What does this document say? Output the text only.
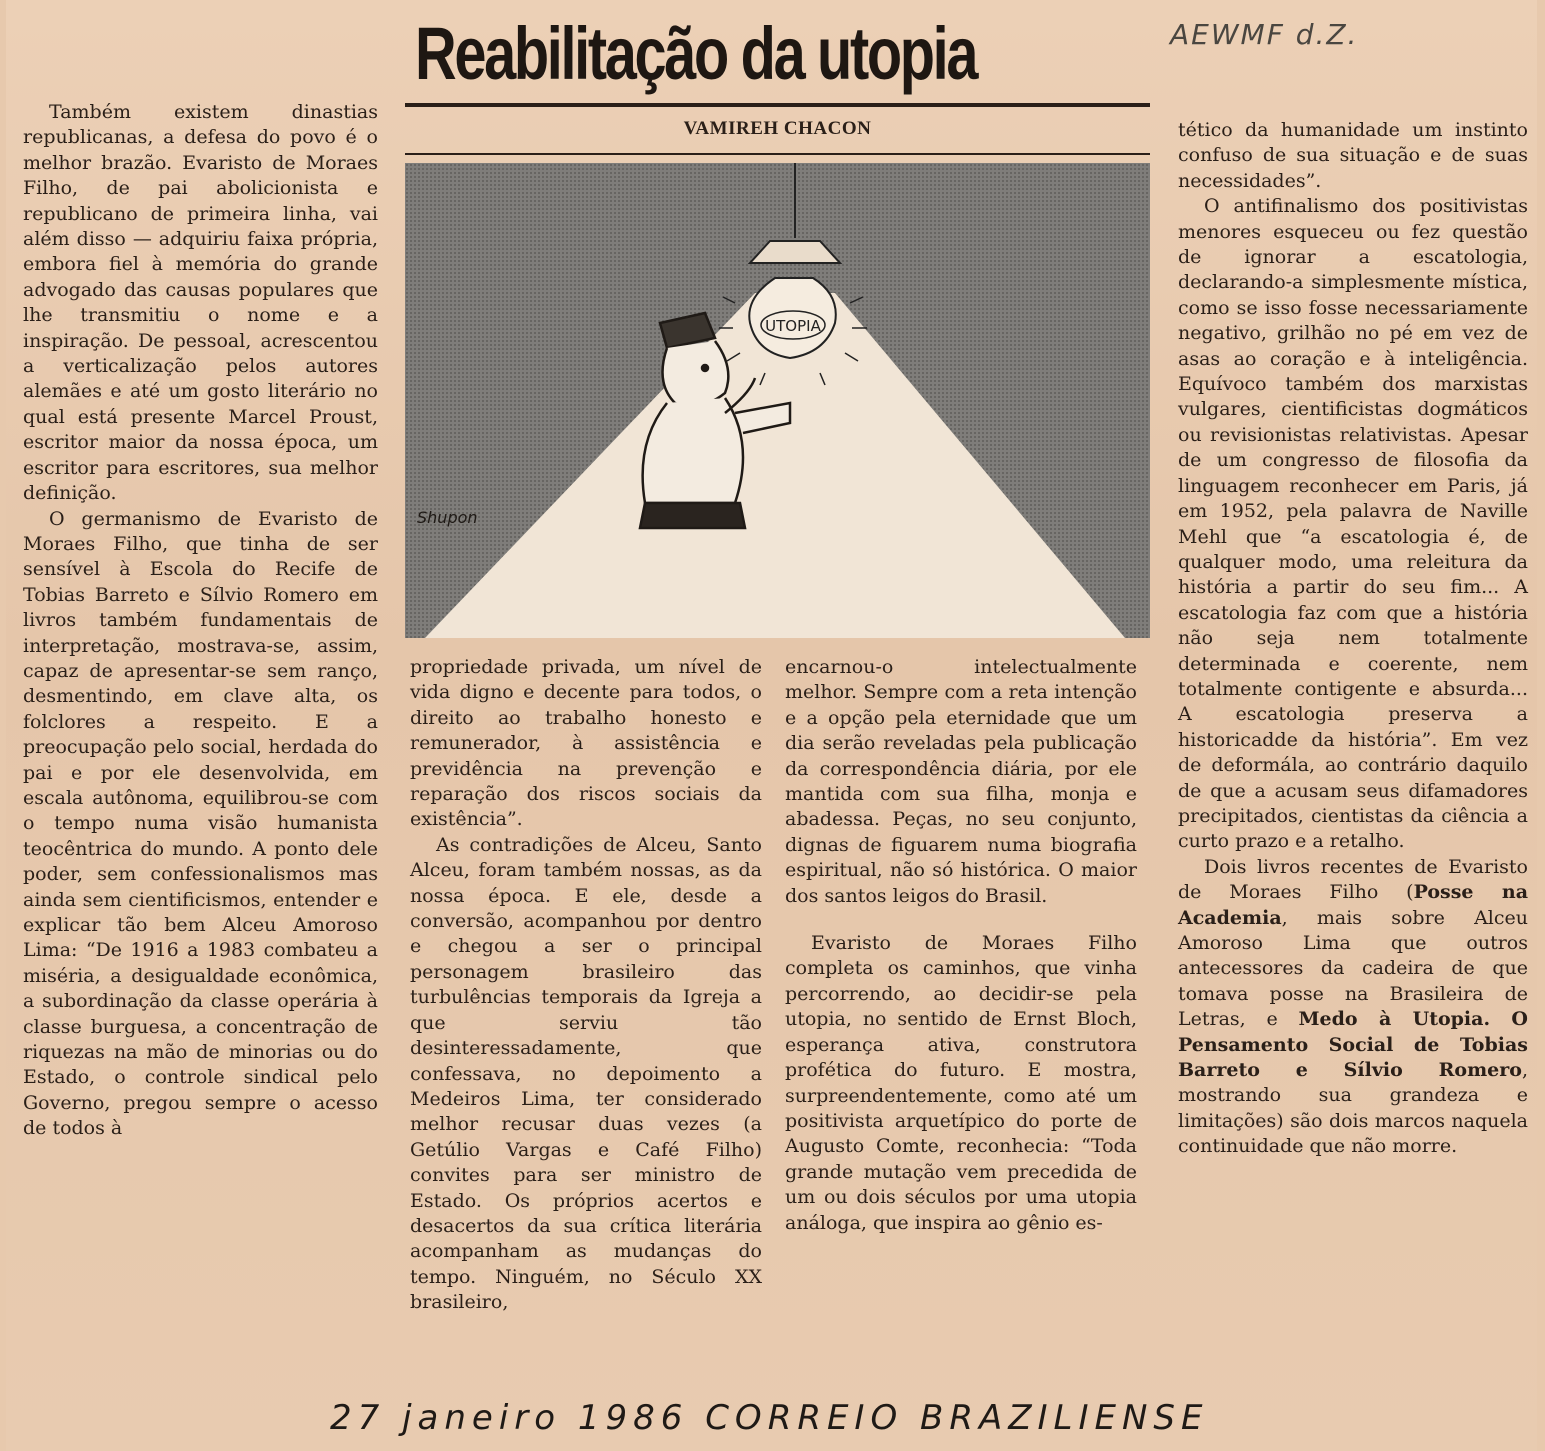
AEWMF d.Z.
Reabilitação da utopia
VAMIREH CHACON
UTOPIA
Shupon

Também existem dinastias republicanas, a defesa do povo é o melhor brazão. Evaristo de Moraes Filho, de pai abolicionista e republicano de primeira linha, vai além disso — adquiriu faixa própria, embora fiel à memória do grande advogado das causas populares que lhe transmitiu o nome e a inspiração. De pessoal, acrescentou a verticalização pelos autores alemães e até um gosto literário no qual está presente Marcel Proust, escritor maior da nossa época, um escritor para escritores, sua melhor definição.

O germanismo de Evaristo de Moraes Filho, que tinha de ser sensível à Escola do Recife de Tobias Barreto e Sílvio Romero em livros também fundamentais de interpretação, mostrava-se, assim, capaz de apresentar-se sem ranço, desmentindo, em clave alta, os folclores a respeito. E a preocupação pelo social, herdada do pai e por ele desenvolvida, em escala autônoma, equilibrou-se com o tempo numa visão humanista teocêntrica do mundo. A ponto dele poder, sem confessionalismos mas ainda sem cientificismos, entender e explicar tão bem Alceu Amoroso Lima: “De 1916 a 1983 combateu a miséria, a desigualdade econômica, a subordinação da classe operária à classe burguesa, a concentração de riquezas na mão de minorias ou do Estado, o controle sindical pelo Governo, pregou sempre o acesso de todos à

propriedade privada, um nível de vida digno e decente para todos, o direito ao trabalho honesto e remunerador, à assistência e previdência na prevenção e reparação dos riscos sociais da existência”.

As contradições de Alceu, Santo Alceu, foram também nossas, as da nossa época. E ele, desde a conversão, acompanhou por dentro e chegou a ser o principal personagem brasileiro das turbulências temporais da Igreja a que serviu tão desinteressadamente, que confessava, no depoimento a Medeiros Lima, ter considerado melhor recusar duas vezes (a Getúlio Vargas e Café Filho) convites para ser ministro de Estado. Os próprios acertos e desacertos da sua crítica literária acompanham as mudanças do tempo. Ninguém, no Século XX brasileiro,

encarnou-o intelectualmente melhor. Sempre com a reta intenção e a opção pela eternidade que um dia serão reveladas pela publicação da correspondência diária, por ele mantida com sua filha, monja e abadessa. Peças, no seu conjunto, dignas de figuarem numa biografia espiritual, não só histórica. O maior dos santos leigos do Brasil.

Evaristo de Moraes Filho completa os caminhos, que vinha percorrendo, ao decidir-se pela utopia, no sentido de Ernst Bloch, esperança ativa, construtora profética do futuro. E mostra, surpreendentemente, como até um positivista arquetípico do porte de Augusto Comte, reconhecia: “Toda grande mutação vem precedida de um ou dois séculos por uma utopia análoga, que inspira ao gênio es-

tético da humanidade um instinto confuso de sua situação e de suas necessidades”.

O antifinalismo dos positivistas menores esqueceu ou fez questão de ignorar a escatologia, declarando-a simplesmente mística, como se isso fosse necessariamente negativo, grilhão no pé em vez de asas ao coração e à inteligência. Equívoco também dos marxistas vulgares, cientificistas dogmáticos ou revisionistas relativistas. Apesar de um congresso de filosofia da linguagem reconhecer em Paris, já em 1952, pela palavra de Naville Mehl que “a escatologia é, de qualquer modo, uma releitura da história a partir do seu fim... A escatologia faz com que a história não seja nem totalmente determinada e coerente, nem totalmente contigente e absurda... A escatologia preserva a historicadde da história”. Em vez de deformála, ao contrário daquilo de que a acusam seus difamadores precipitados, cientistas da ciência a curto prazo e a retalho.

Dois livros recentes de Evaristo de Moraes Filho (Posse na Academia, mais sobre Alceu Amoroso Lima que outros antecessores da cadeira de que tomava posse na Brasileira de Letras, e Medo à Utopia. O Pensamento Social de Tobias Barreto e Sílvio Romero, mostrando sua grandeza e limitações) são dois marcos naquela continuidade que não morre.

27 janeiro 1986 CORREIO BRAZILIENSE
